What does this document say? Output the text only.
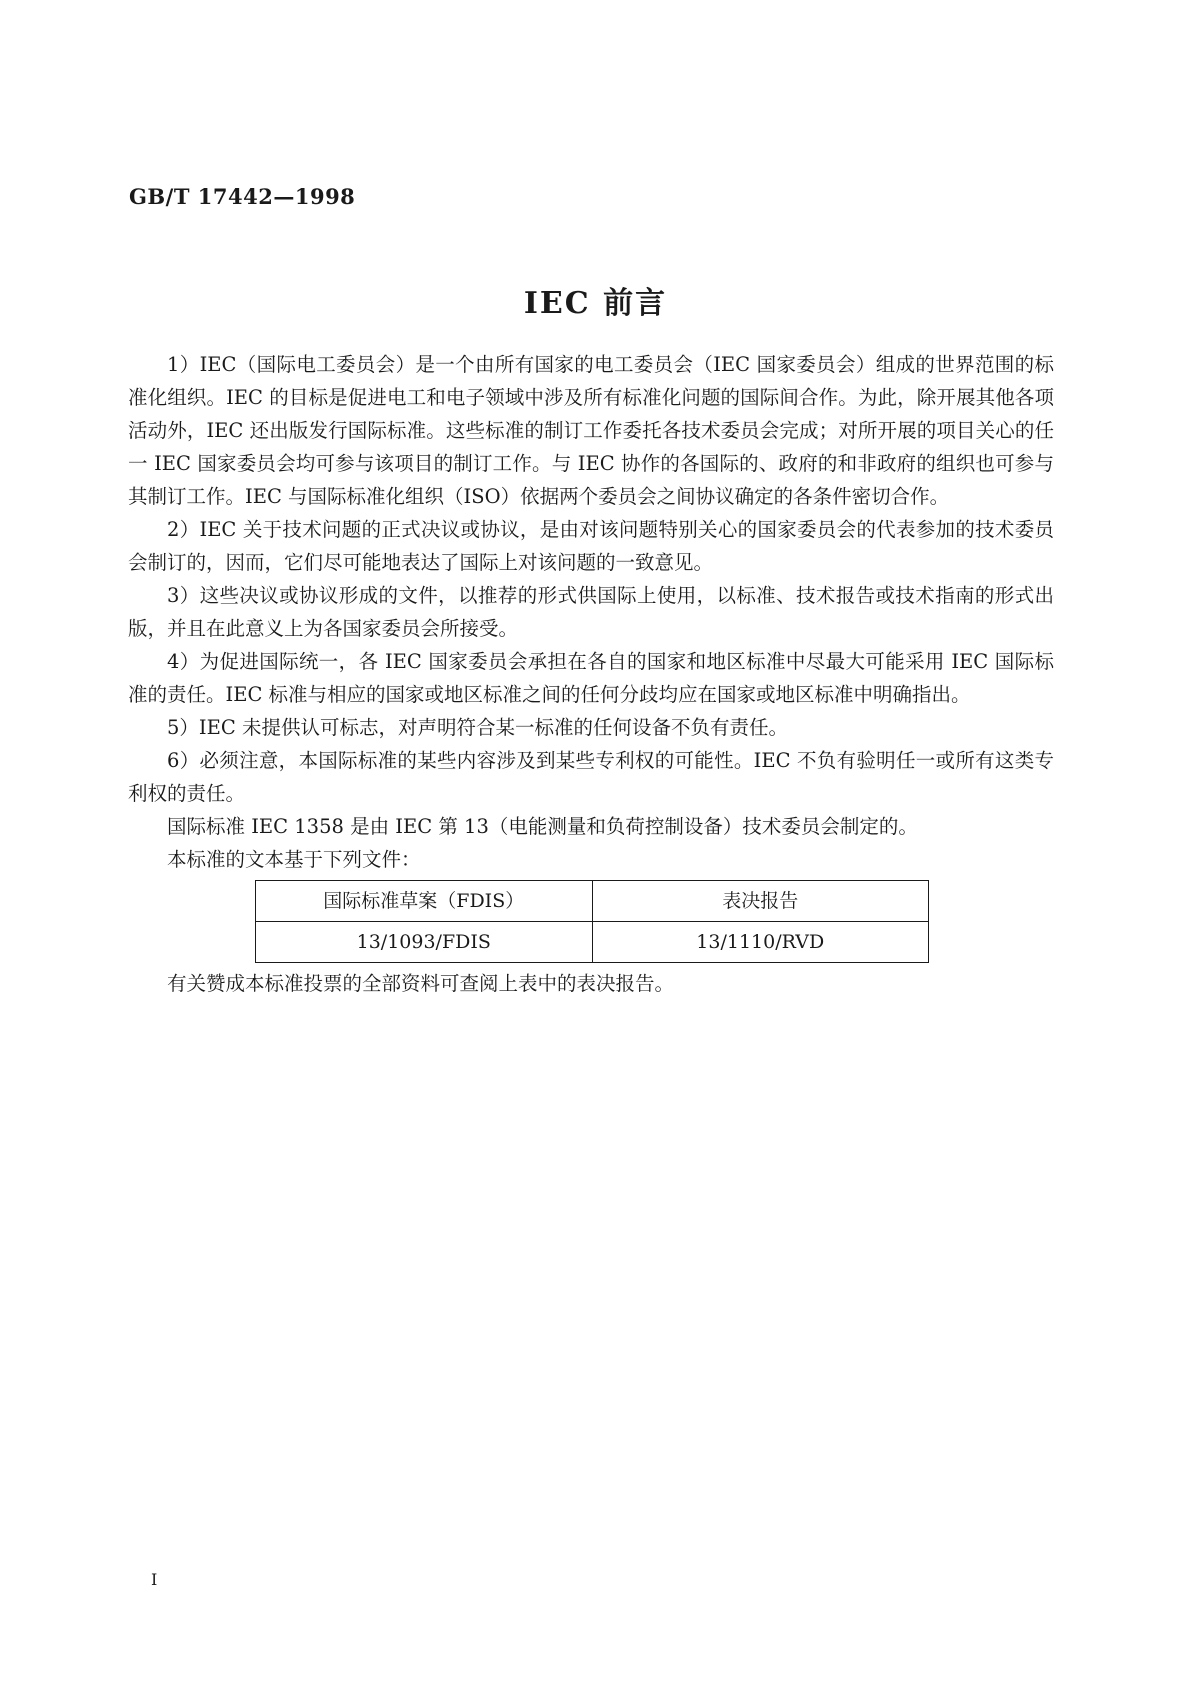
GB/T 17442—1998
IEC 前言

1）IEC（国际电工委员会）是一个由所有国家的电工委员会（IEC 国家委员会）组成的世界范围的标准化组织。IEC 的目标是促进电工和电子领域中涉及所有标准化问题的国际间合作。为此，除开展其他各项活动外，IEC 还出版发行国际标准。这些标准的制订工作委托各技术委员会完成；对所开展的项目关心的任一 IEC 国家委员会均可参与该项目的制订工作。与 IEC 协作的各国际的、政府的和非政府的组织也可参与其制订工作。IEC 与国际标准化组织（ISO）依据两个委员会之间协议确定的各条件密切合作。

2）IEC 关于技术问题的正式决议或协议，是由对该问题特别关心的国家委员会的代表参加的技术委员会制订的，因而，它们尽可能地表达了国际上对该问题的一致意见。

3）这些决议或协议形成的文件，以推荐的形式供国际上使用，以标准、技术报告或技术指南的形式出版，并且在此意义上为各国家委员会所接受。

4）为促进国际统一，各 IEC 国家委员会承担在各自的国家和地区标准中尽最大可能采用 IEC 国际标准的责任。IEC 标准与相应的国家或地区标准之间的任何分歧均应在国家或地区标准中明确指出。

5）IEC 未提供认可标志，对声明符合某一标准的任何设备不负有责任。

6）必须注意，本国际标准的某些内容涉及到某些专利权的可能性。IEC 不负有验明任一或所有这类专利权的责任。

国际标准 IEC 1358 是由 IEC 第 13（电能测量和负荷控制设备）技术委员会制定的。

本标准的文本基于下列文件：

国际标准草案（FDIS）	表决报告
13/1093/FDIS	13/1110/RVD

有关赞成本标准投票的全部资料可查阅上表中的表决报告。

I
